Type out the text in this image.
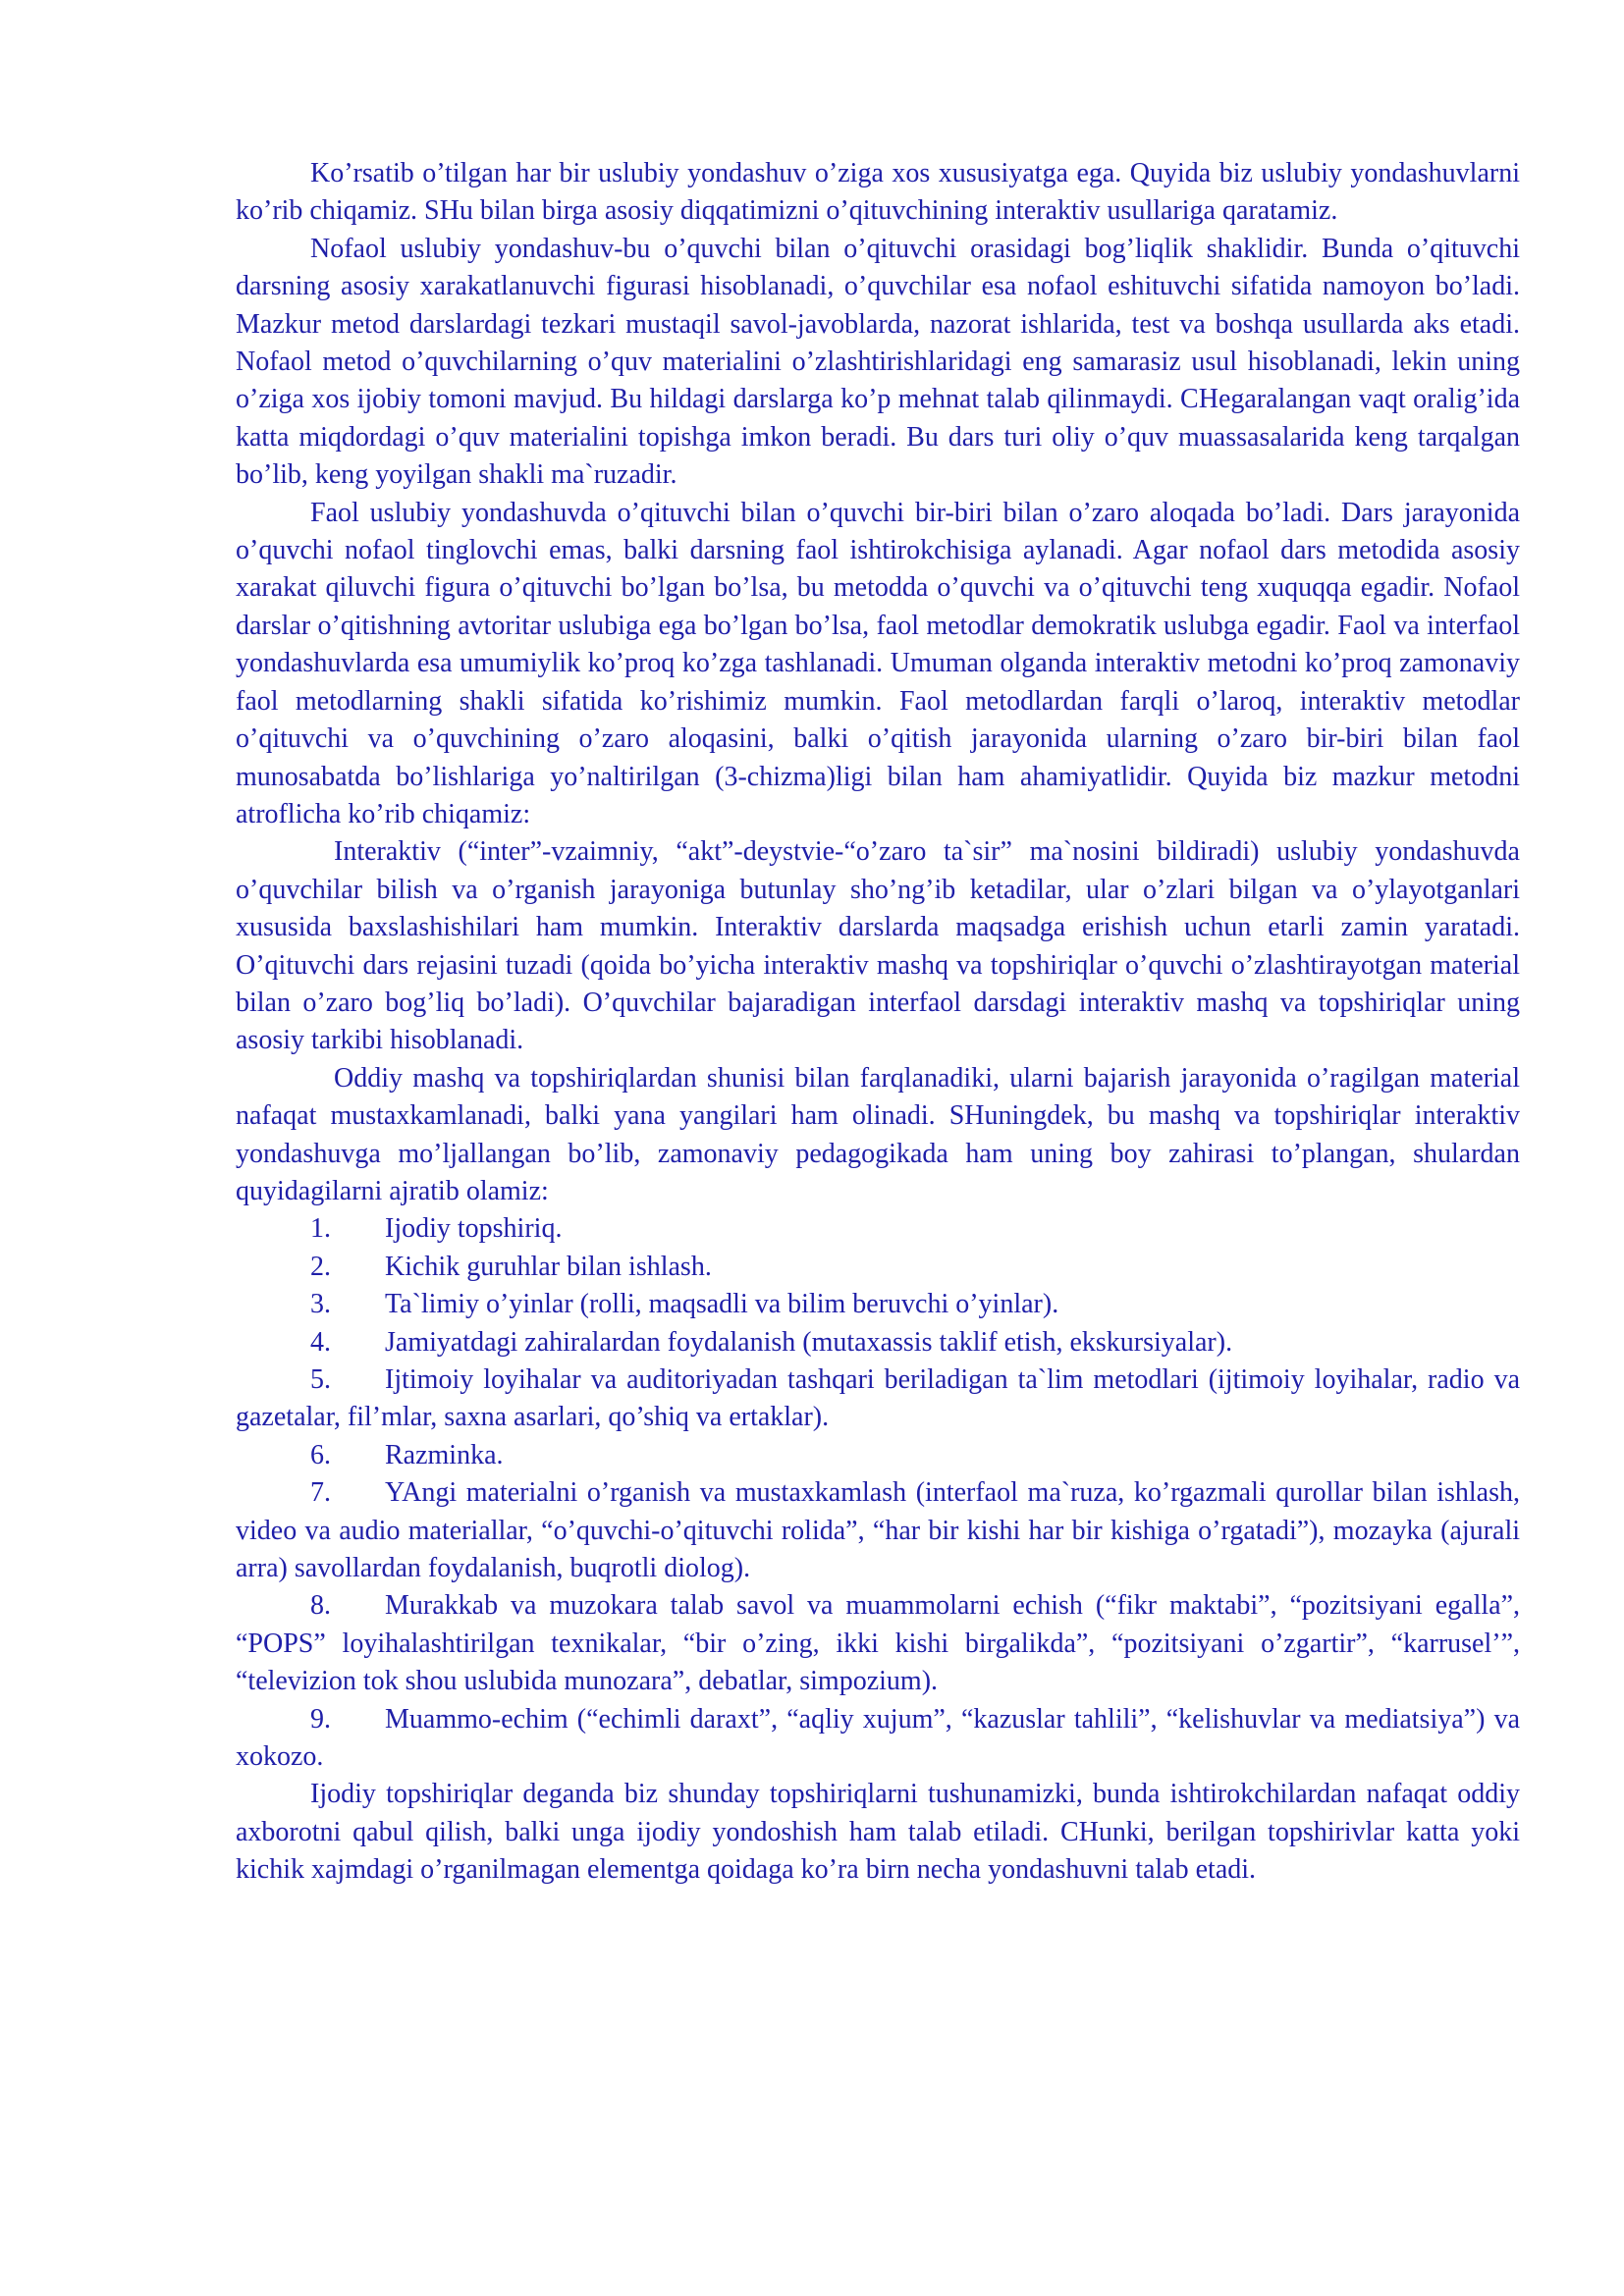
Ko’rsatib o’tilgan har bir uslubiy yondashuv o’ziga xos xususiyatga ega. Quyida biz uslubiy yondashuvlarni ko’rib chiqamiz. SHu bilan birga asosiy diqqatimizni o’qituvchining interaktiv usullariga qaratamiz.

Nofaol uslubiy yondashuv-bu o’quvchi bilan o’qituvchi orasidagi bog’liqlik shaklidir. Bunda o’qituvchi darsning asosiy xarakatlanuvchi figurasi hisoblanadi, o’quvchilar esa nofaol eshituvchi sifatida namoyon bo’ladi. Mazkur metod darslardagi tezkari mustaqil savol-javoblarda, nazorat ishlarida, test va boshqa usullarda aks etadi. Nofaol metod o’quvchilarning o’quv materialini o’zlashtirishlaridagi eng samarasiz usul hisoblanadi, lekin uning o’ziga xos ijobiy tomoni mavjud. Bu hildagi darslarga ko’p mehnat talab qilinmaydi. CHegaralangan vaqt oralig’ida katta miqdordagi o’quv materialini topishga imkon beradi. Bu dars turi oliy o’quv muassasalarida keng tarqalgan bo’lib, keng yoyilgan shakli ma`ruzadir.

Faol uslubiy yondashuvda o’qituvchi bilan o’quvchi bir-biri bilan o’zaro aloqada bo’ladi. Dars jarayonida o’quvchi nofaol tinglovchi emas, balki darsning faol ishtirokchisiga aylanadi. Agar nofaol dars metodida asosiy xarakat qiluvchi figura o’qituvchi bo’lgan bo’lsa, bu metodda o’quvchi va o’qituvchi teng xuquqqa egadir. Nofaol darslar o’qitishning avtoritar uslubiga ega bo’lgan bo’lsa, faol metodlar demokratik uslubga egadir. Faol va interfaol yondashuvlarda esa umumiylik ko’proq ko’zga tashlanadi. Umuman olganda interaktiv metodni ko’proq zamonaviy faol metodlarning shakli sifatida ko’rishimiz mumkin. Faol metodlardan farqli o’laroq, interaktiv metodlar o’qituvchi va o’quvchining o’zaro aloqasini, balki o’qitish jarayonida ularning o’zaro bir-biri bilan faol munosabatda bo’lishlariga yo’naltirilgan (3-chizma)ligi bilan ham ahamiyatlidir. Quyida biz mazkur metodni atroflicha ko’rib chiqamiz:

Interaktiv (“inter”-vzaimniy, “akt”-deystvie-“o’zaro ta`sir” ma`nosini bildiradi) uslubiy yondashuvda o’quvchilar bilish va o’rganish jarayoniga butunlay sho’ng’ib ketadilar, ular o’zlari bilgan va o’ylayotganlari xususida baxslashishilari ham mumkin. Interaktiv darslarda maqsadga erishish uchun etarli zamin yaratadi. O’qituvchi dars rejasini tuzadi (qoida bo’yicha interaktiv mashq va topshiriqlar o’quvchi o’zlashtirayotgan material bilan o’zaro bog’liq bo’ladi). O’quvchilar bajaradigan interfaol darsdagi interaktiv mashq va topshiriqlar uning asosiy tarkibi hisoblanadi.

Oddiy mashq va topshiriqlardan shunisi bilan farqlanadiki, ularni bajarish jarayonida o’ragilgan material nafaqat mustaxkamlanadi, balki yana yangilari ham olinadi. SHuningdek, bu mashq va topshiriqlar interaktiv yondashuvga mo’ljallangan bo’lib, zamonaviy pedagogikada ham uning boy zahirasi to’plangan, shulardan quyidagilarni ajratib olamiz:

1. Ijodiy topshiriq.
2. Kichik guruhlar bilan ishlash.
3. Ta`limiy o’yinlar (rolli, maqsadli va bilim beruvchi o’yinlar).
4. Jamiyatdagi zahiralardan foydalanish (mutaxassis taklif etish, ekskursiyalar).
5. Ijtimoiy loyihalar va auditoriyadan tashqari beriladigan ta`lim metodlari (ijtimoiy loyihalar, radio va gazetalar, fil’mlar, saxna asarlari, qo’shiq va ertaklar).
6. Razminka.
7. YAngi materialni o’rganish va mustaxkamlash (interfaol ma`ruza, ko’rgazmali qurollar bilan ishlash, video va audio materiallar, “o’quvchi-o’qituvchi rolida”, “har bir kishi har bir kishiga o’rgatadi”), mozayka (ajurali arra) savollardan foydalanish, buqrotli diolog).
8. Murakkab va muzokara talab savol va muammolarni echish (“fikr maktabi”, “pozitsiyani egalla”, “POPS” loyihalashtirilgan texnikalar, “bir o’zing, ikki kishi birgalikda”, “pozitsiyani o’zgartir”, “karrusel’”, “televizion tok shou uslubida munozara”, debatlar, simpozium).
9. Muammo-echim (“echimli daraxt”, “aqliy xujum”, “kazuslar tahlili”, “kelishuvlar va mediatsiya”) va xokozo.

Ijodiy topshiriqlar deganda biz shunday topshiriqlarni tushunamizki, bunda ishtirokchilardan nafaqat oddiy axborotni qabul qilish, balki unga ijodiy yondoshish ham talab etiladi. CHunki, berilgan topshirivlar katta yoki kichik xajmdagi o’rganilmagan elementga qoidaga ko’ra birn necha yondashuvni talab etadi.
